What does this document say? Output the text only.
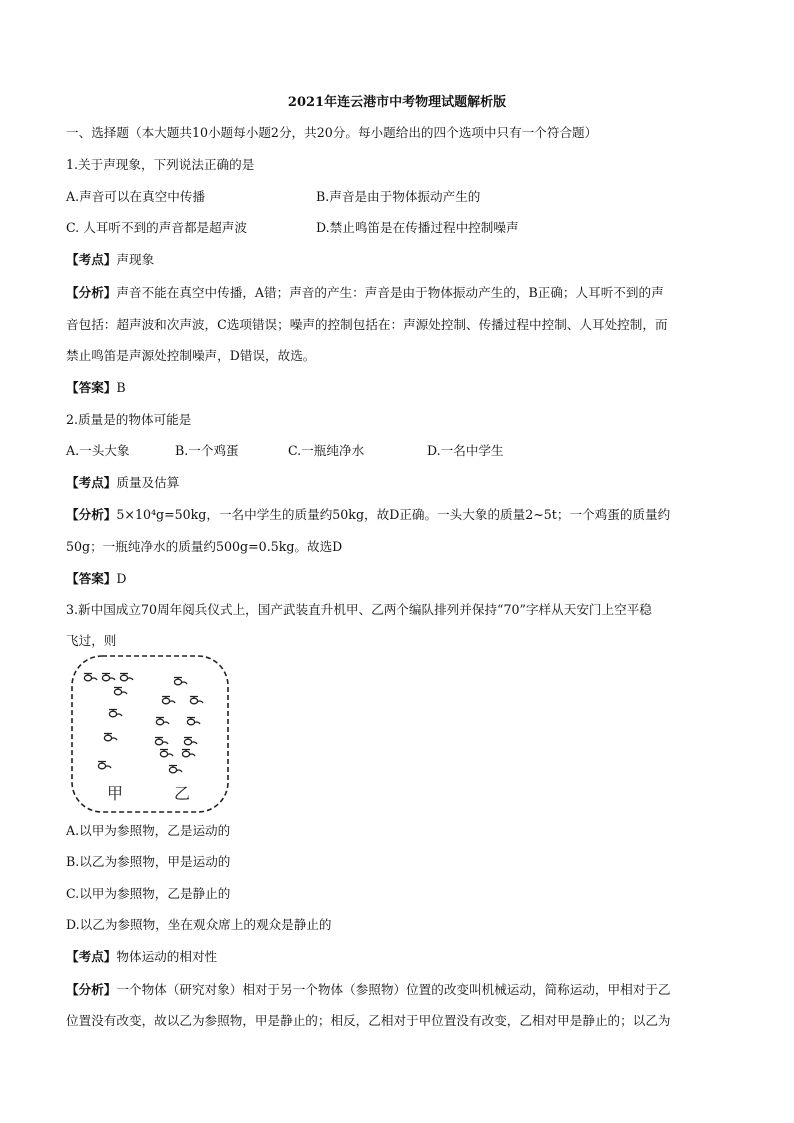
2021年连云港市中考物理试题解析版
一、选择题（本大题共10小题每小题2分，共20分。每小题给出的四个选项中只有一个符合题）
1.关于声现象，下列说法正确的是
A.声音可以在真空中传播	B.声音是由于物体振动产生的
C. 人耳听不到的声音都是超声波	D.禁止鸣笛是在传播过程中控制噪声
【考点】声现象
【分析】声音不能在真空中传播，A错；声音的产生：声音是由于物体振动产生的，B正确；人耳听不到的声
音包括：超声波和次声波，C选项错误；噪声的控制包括在：声源处控制、传播过程中控制、人耳处控制，而
禁止鸣笛是声源处控制噪声，D错误，故选。
【答案】B
2.质量是的物体可能是
A.一头大象	B.一个鸡蛋	C.一瓶纯净水	D.一名中学生
【考点】质量及估算
【分析】5×10⁴g=50kg，一名中学生的质量约50kg，故D正确。一头大象的质量2~5t；一个鸡蛋的质量约
50g；一瓶纯净水的质量约500g=0.5kg。故选D
【答案】D
3.新中国成立70周年阅兵仪式上，国产武装直升机甲、乙两个编队排列并保持“70”字样从天安门上空平稳
飞过，则
甲	乙
A.以甲为参照物，乙是运动的
B.以乙为参照物，甲是运动的
C.以甲为参照物，乙是静止的
D.以乙为参照物，坐在观众席上的观众是静止的
【考点】物体运动的相对性
【分析】一个物体（研究对象）相对于另一个物体（参照物）位置的改变叫机械运动，简称运动，甲相对于乙
位置没有改变，故以乙为参照物，甲是静止的；相反，乙相对于甲位置没有改变，乙相对甲是静止的；以乙为
